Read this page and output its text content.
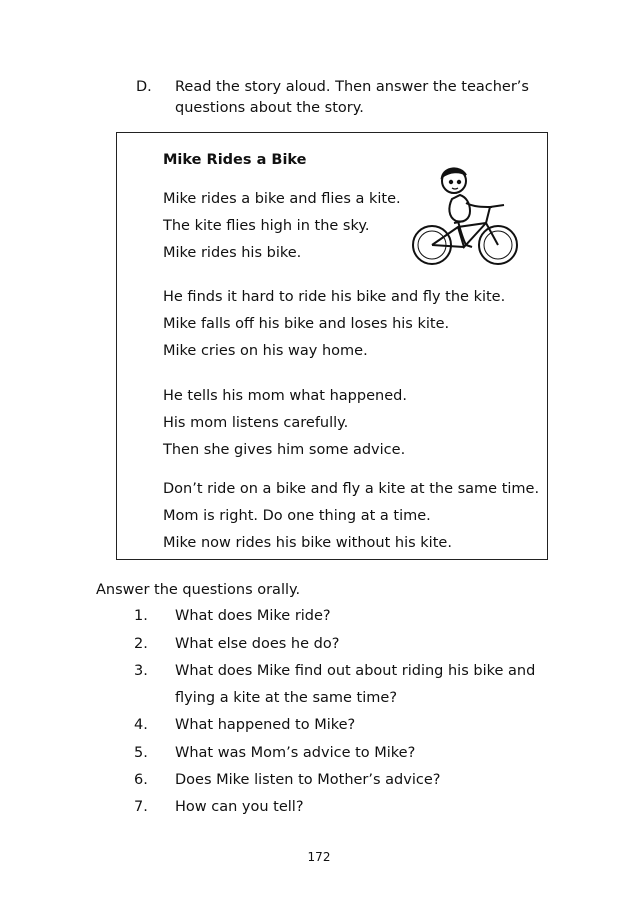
D. Read the story aloud. Then answer the teacher’s
questions about the story.
Mike Rides a Bike
Mike rides a bike and flies a kite.
The kite flies high in the sky.
Mike rides his bike.
He finds it hard to ride his bike and fly the kite.
Mike falls off his bike and loses his kite.
Mike cries on his way home.
He tells his mom what happened.
His mom listens carefully.
Then she gives him some advice.
Don’t ride on a bike and fly a kite at the same time.
Mom is right. Do one thing at a time.
Mike now rides his bike without his kite.
Answer the questions orally.
1. What does Mike ride?
2. What else does he do?
3. What does Mike find out about riding his bike and
flying a kite at the same time?
4. What happened to Mike?
5. What was Mom’s advice to Mike?
6. Does Mike listen to Mother’s advice?
7. How can you tell?
172
